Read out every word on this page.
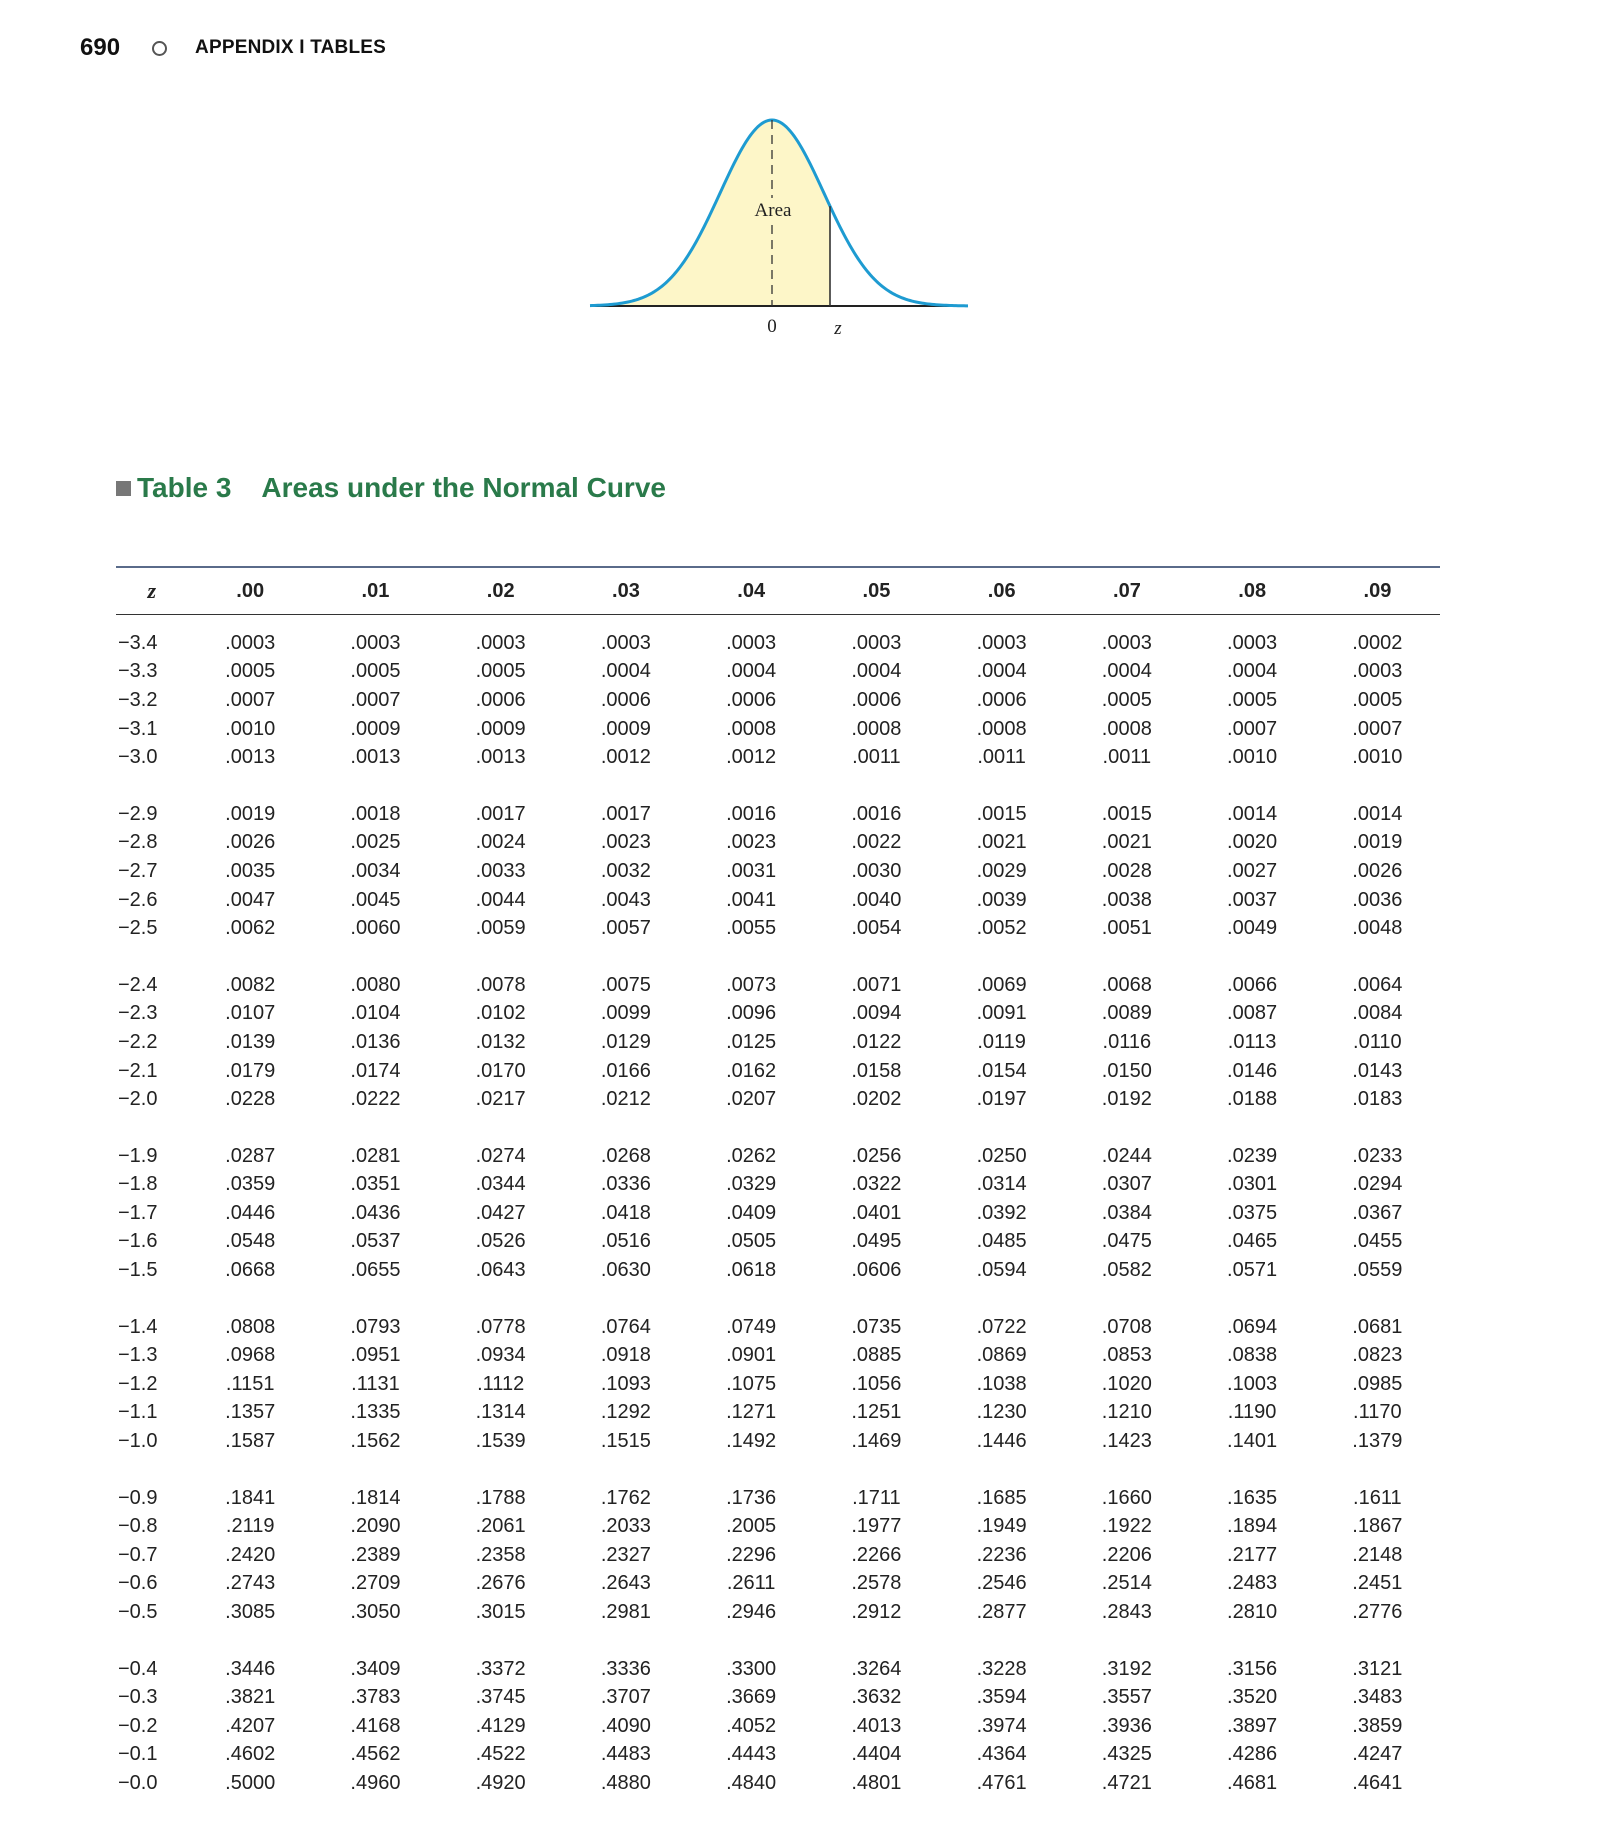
690	APPENDIX I TABLES
Area
0	z
Table 3 Areas under the Normal Curve
z	.00	.01	.02	.03	.04	.05	.06	.07	.08	.09
−3.4	.0003	.0003	.0003	.0003	.0003	.0003	.0003	.0003	.0003	.0002
−3.3	.0005	.0005	.0005	.0004	.0004	.0004	.0004	.0004	.0004	.0003
−3.2	.0007	.0007	.0006	.0006	.0006	.0006	.0006	.0005	.0005	.0005
−3.1	.0010	.0009	.0009	.0009	.0008	.0008	.0008	.0008	.0007	.0007
−3.0	.0013	.0013	.0013	.0012	.0012	.0011	.0011	.0011	.0010	.0010
−2.9	.0019	.0018	.0017	.0017	.0016	.0016	.0015	.0015	.0014	.0014
−2.8	.0026	.0025	.0024	.0023	.0023	.0022	.0021	.0021	.0020	.0019
−2.7	.0035	.0034	.0033	.0032	.0031	.0030	.0029	.0028	.0027	.0026
−2.6	.0047	.0045	.0044	.0043	.0041	.0040	.0039	.0038	.0037	.0036
−2.5	.0062	.0060	.0059	.0057	.0055	.0054	.0052	.0051	.0049	.0048
−2.4	.0082	.0080	.0078	.0075	.0073	.0071	.0069	.0068	.0066	.0064
−2.3	.0107	.0104	.0102	.0099	.0096	.0094	.0091	.0089	.0087	.0084
−2.2	.0139	.0136	.0132	.0129	.0125	.0122	.0119	.0116	.0113	.0110
−2.1	.0179	.0174	.0170	.0166	.0162	.0158	.0154	.0150	.0146	.0143
−2.0	.0228	.0222	.0217	.0212	.0207	.0202	.0197	.0192	.0188	.0183
−1.9	.0287	.0281	.0274	.0268	.0262	.0256	.0250	.0244	.0239	.0233
−1.8	.0359	.0351	.0344	.0336	.0329	.0322	.0314	.0307	.0301	.0294
−1.7	.0446	.0436	.0427	.0418	.0409	.0401	.0392	.0384	.0375	.0367
−1.6	.0548	.0537	.0526	.0516	.0505	.0495	.0485	.0475	.0465	.0455
−1.5	.0668	.0655	.0643	.0630	.0618	.0606	.0594	.0582	.0571	.0559
−1.4	.0808	.0793	.0778	.0764	.0749	.0735	.0722	.0708	.0694	.0681
−1.3	.0968	.0951	.0934	.0918	.0901	.0885	.0869	.0853	.0838	.0823
−1.2	.1151	.1131	.1112	.1093	.1075	.1056	.1038	.1020	.1003	.0985
−1.1	.1357	.1335	.1314	.1292	.1271	.1251	.1230	.1210	.1190	.1170
−1.0	.1587	.1562	.1539	.1515	.1492	.1469	.1446	.1423	.1401	.1379
−0.9	.1841	.1814	.1788	.1762	.1736	.1711	.1685	.1660	.1635	.1611
−0.8	.2119	.2090	.2061	.2033	.2005	.1977	.1949	.1922	.1894	.1867
−0.7	.2420	.2389	.2358	.2327	.2296	.2266	.2236	.2206	.2177	.2148
−0.6	.2743	.2709	.2676	.2643	.2611	.2578	.2546	.2514	.2483	.2451
−0.5	.3085	.3050	.3015	.2981	.2946	.2912	.2877	.2843	.2810	.2776
−0.4	.3446	.3409	.3372	.3336	.3300	.3264	.3228	.3192	.3156	.3121
−0.3	.3821	.3783	.3745	.3707	.3669	.3632	.3594	.3557	.3520	.3483
−0.2	.4207	.4168	.4129	.4090	.4052	.4013	.3974	.3936	.3897	.3859
−0.1	.4602	.4562	.4522	.4483	.4443	.4404	.4364	.4325	.4286	.4247
−0.0	.5000	.4960	.4920	.4880	.4840	.4801	.4761	.4721	.4681	.4641
